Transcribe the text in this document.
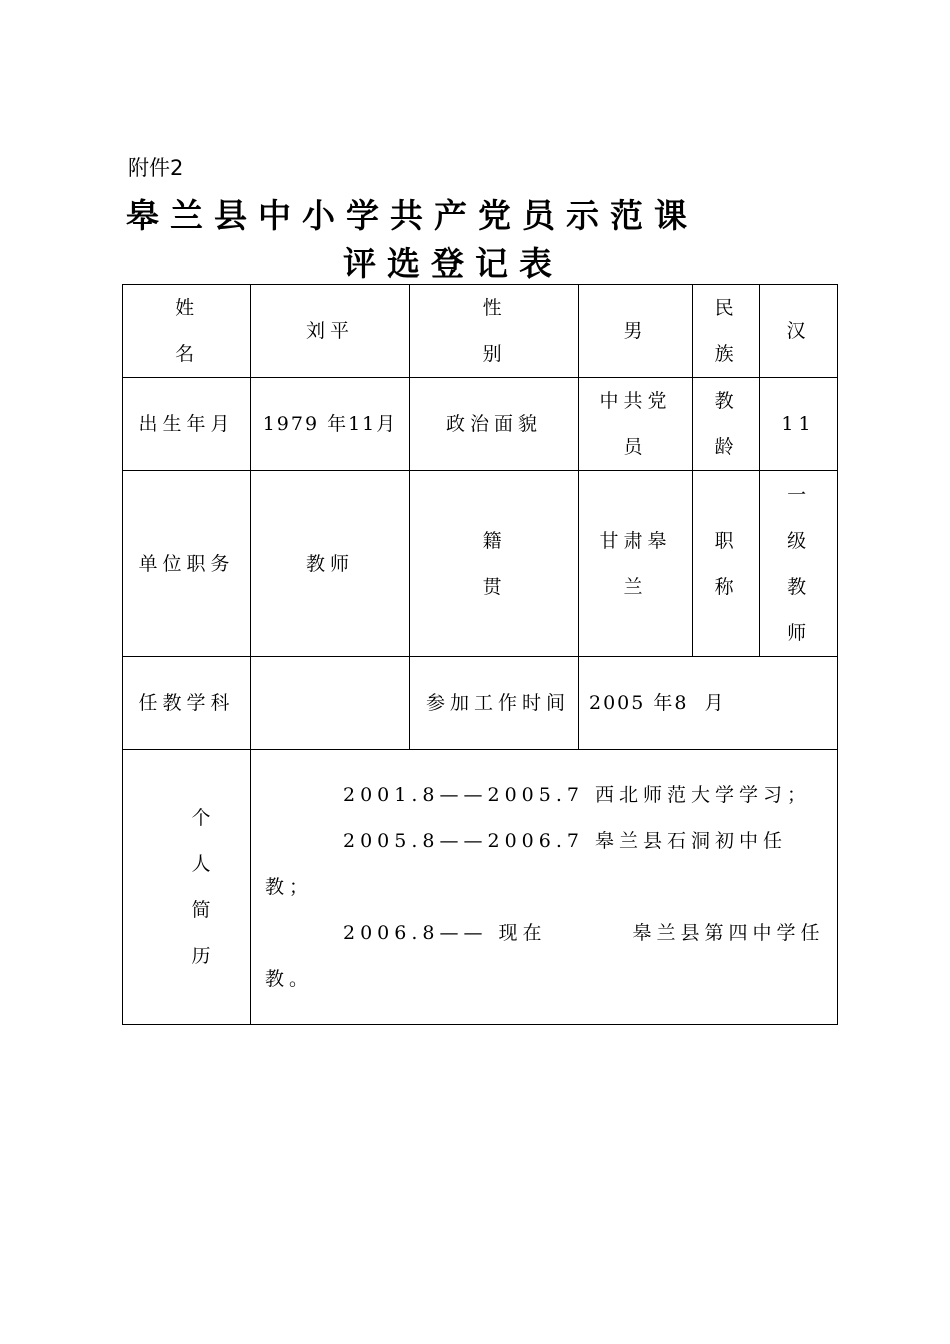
附件2
皋兰县中小学共产党员示范课
评选登记表
姓名	刘平	性别	男	民族	汉
出生年月	1979 年11月	政治面貌	中共党员	教龄	11
单位职务	教师	籍贯	甘肃皋兰	职称	一级教师

任教学科		参加工作时间	2005 年8  月		

个人简历	2001.8——2005.7 西北师范大学学习；

2005.8——2006.7 皋兰县石洞初中任教；

2006.8—— 现在 皋兰县第四中学任教。				
